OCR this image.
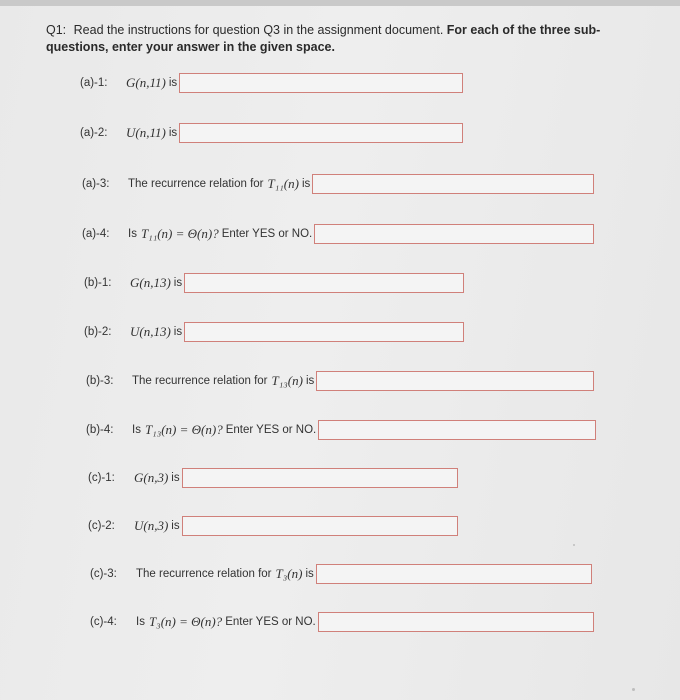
Q1: Read the instructions for question Q3 in the assignment document. For each of the three sub-questions, enter your answer in the given space.
(a)-1:	G(n,11) is
(a)-2:	U(n,11) is
(a)-3:	The recurrence relation for T₁₁(n) is
(a)-4:	Is T₁₁(n) = Θ(n)? Enter YES or NO.
(b)-1:	G(n,13) is
(b)-2:	U(n,13) is
(b)-3:	The recurrence relation for T₁₃(n) is
(b)-4:	Is T₁₃(n) = Θ(n)? Enter YES or NO.
(c)-1:	G(n,3) is
(c)-2:	U(n,3) is
(c)-3:	The recurrence relation for T₃(n) is
(c)-4:	Is T₃(n) = Θ(n)? Enter YES or NO.
